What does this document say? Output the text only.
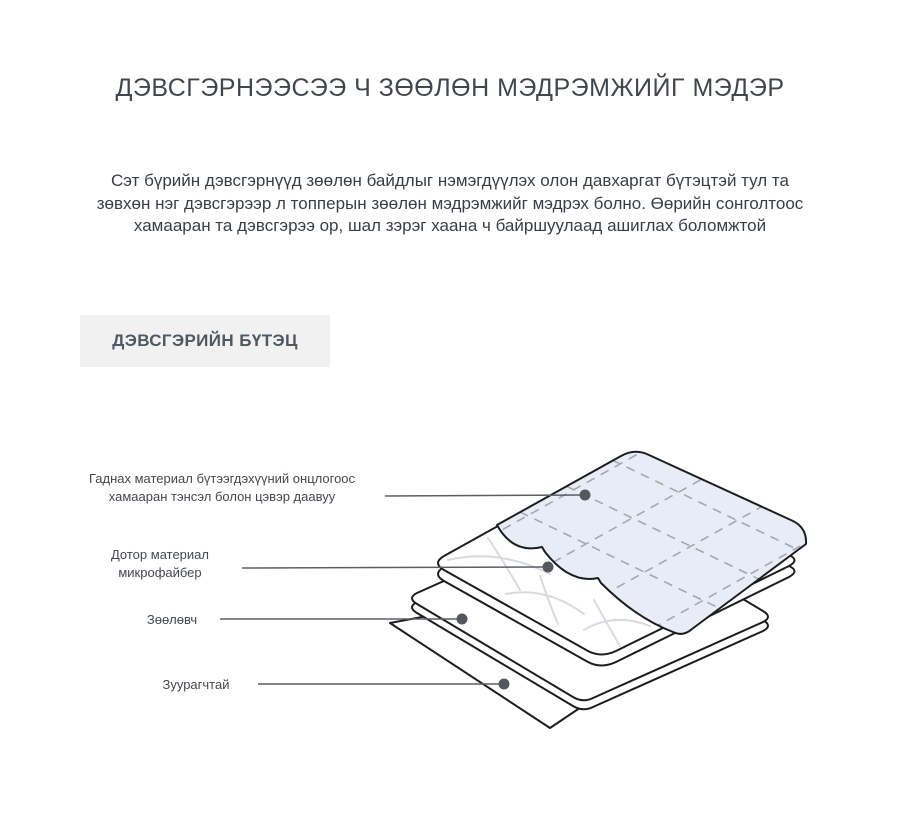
ДЭВСГЭРНЭЭСЭЭ Ч ЗӨӨЛӨН МЭДРЭМЖИЙГ МЭДЭР
Сэт бүрийн дэвсгэрнүүд зөөлөн байдлыг нэмэгдүүлэх олон давхаргат бүтэцтэй тул та
зөвхөн нэг дэвсгэрээр л топперын зөөлөн мэдрэмжийг мэдрэх болно. Өөрийн сонголтоос
хамааран та дэвсгэрээ ор, шал зэрэг хаана ч байршуулаад ашиглах боломжтой
ДЭВСГЭРИЙН БҮТЭЦ
Гаднах материал бүтээгдэхүүний онцлогоос
хамааран тэнсэл болон цэвэр даавуу
Дотор материал
микрофайбер
Зөөлөвч
Зуурагчтай
